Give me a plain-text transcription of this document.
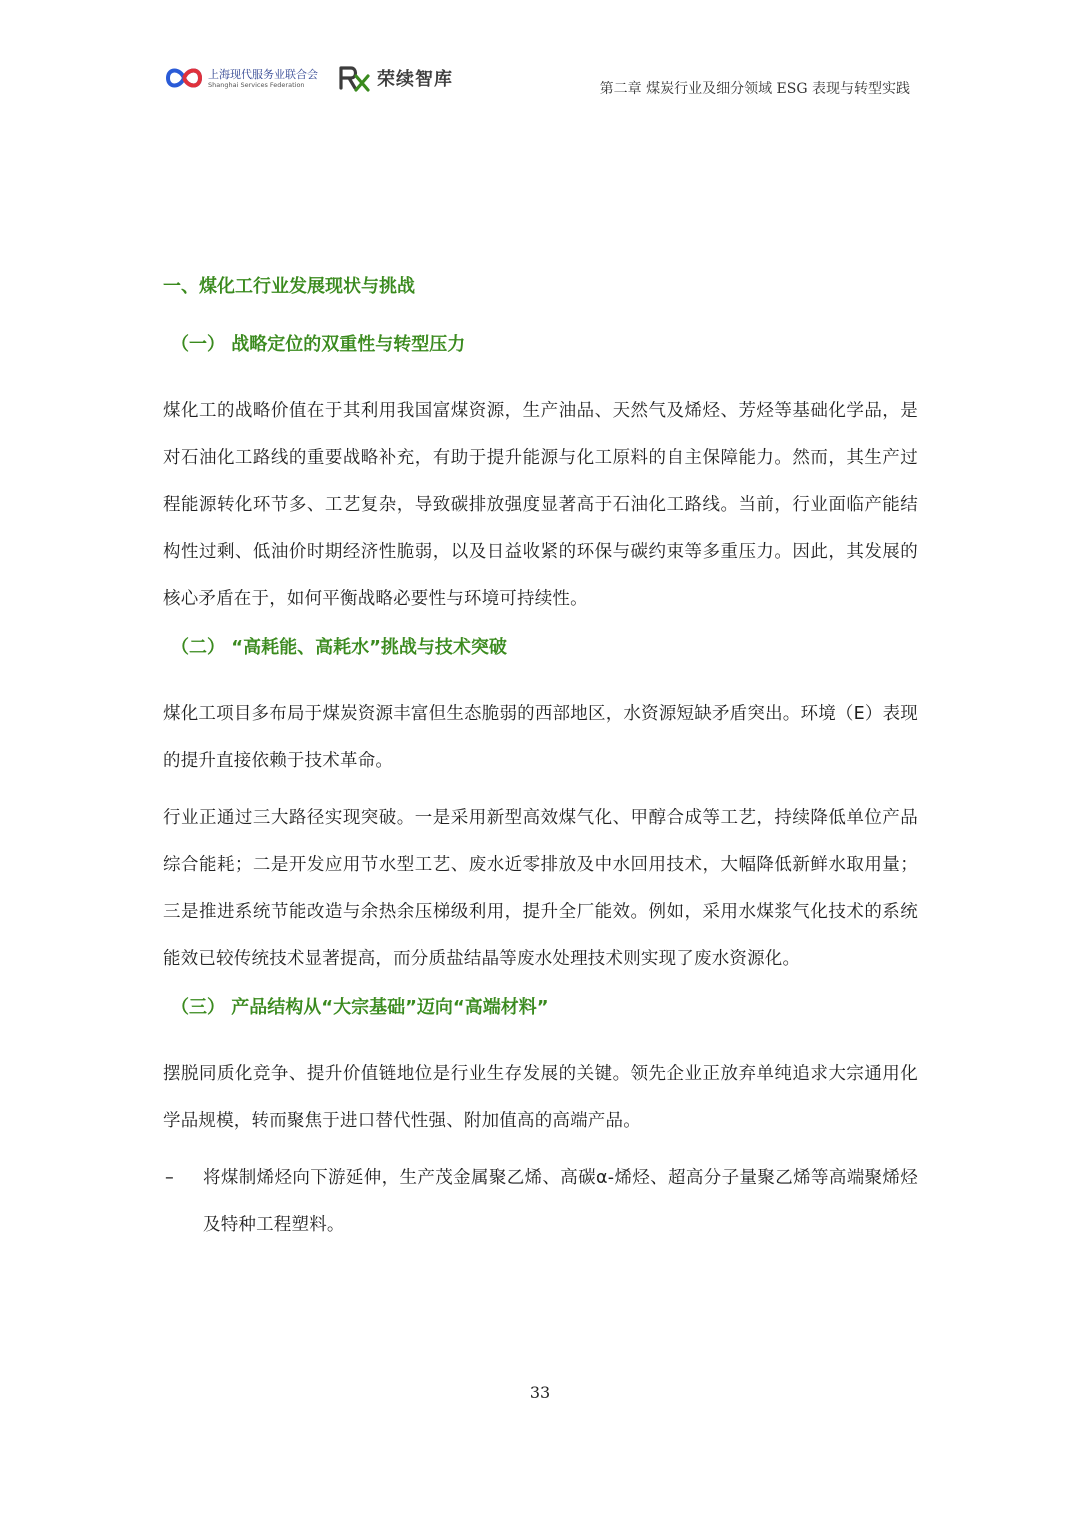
上海现代服务业联合会
Shanghai Services Federation	荣续智库	第二章 煤炭行业及细分领域 ESG 表现与转型实践
一、煤化工行业发展现状与挑战
（一） 战略定位的双重性与转型压力
煤化工的战略价值在于其利用我国富煤资源，生产油品、天然气及烯烃、芳烃等基础化学品，是对石油化工路线的重要战略补充，有助于提升能源与化工原料的自主保障能力。然而，其生产过程能源转化环节多、工艺复杂，导致碳排放强度显著高于石油化工路线。当前，行业面临产能结构性过剩、低油价时期经济性脆弱，以及日益收紧的环保与碳约束等多重压力。因此，其发展的核心矛盾在于，如何平衡战略必要性与环境可持续性。
（二） “高耗能、高耗水”挑战与技术突破
煤化工项目多布局于煤炭资源丰富但生态脆弱的西部地区，水资源短缺矛盾突出。环境（E）表现的提升直接依赖于技术革命。
行业正通过三大路径实现突破。一是采用新型高效煤气化、甲醇合成等工艺，持续降低单位产品综合能耗；二是开发应用节水型工艺、废水近零排放及中水回用技术，大幅降低新鲜水取用量；三是推进系统节能改造与余热余压梯级利用，提升全厂能效。例如，采用水煤浆气化技术的系统能效已较传统技术显著提高，而分质盐结晶等废水处理技术则实现了废水资源化。
（三） 产品结构从“大宗基础”迈向“高端材料”
摆脱同质化竞争、提升价值链地位是行业生存发展的关键。领先企业正放弃单纯追求大宗通用化学品规模，转而聚焦于进口替代性强、附加值高的高端产品。
– 将煤制烯烃向下游延伸，生产茂金属聚乙烯、高碳α-烯烃、超高分子量聚乙烯等高端聚烯烃及特种工程塑料。
33
